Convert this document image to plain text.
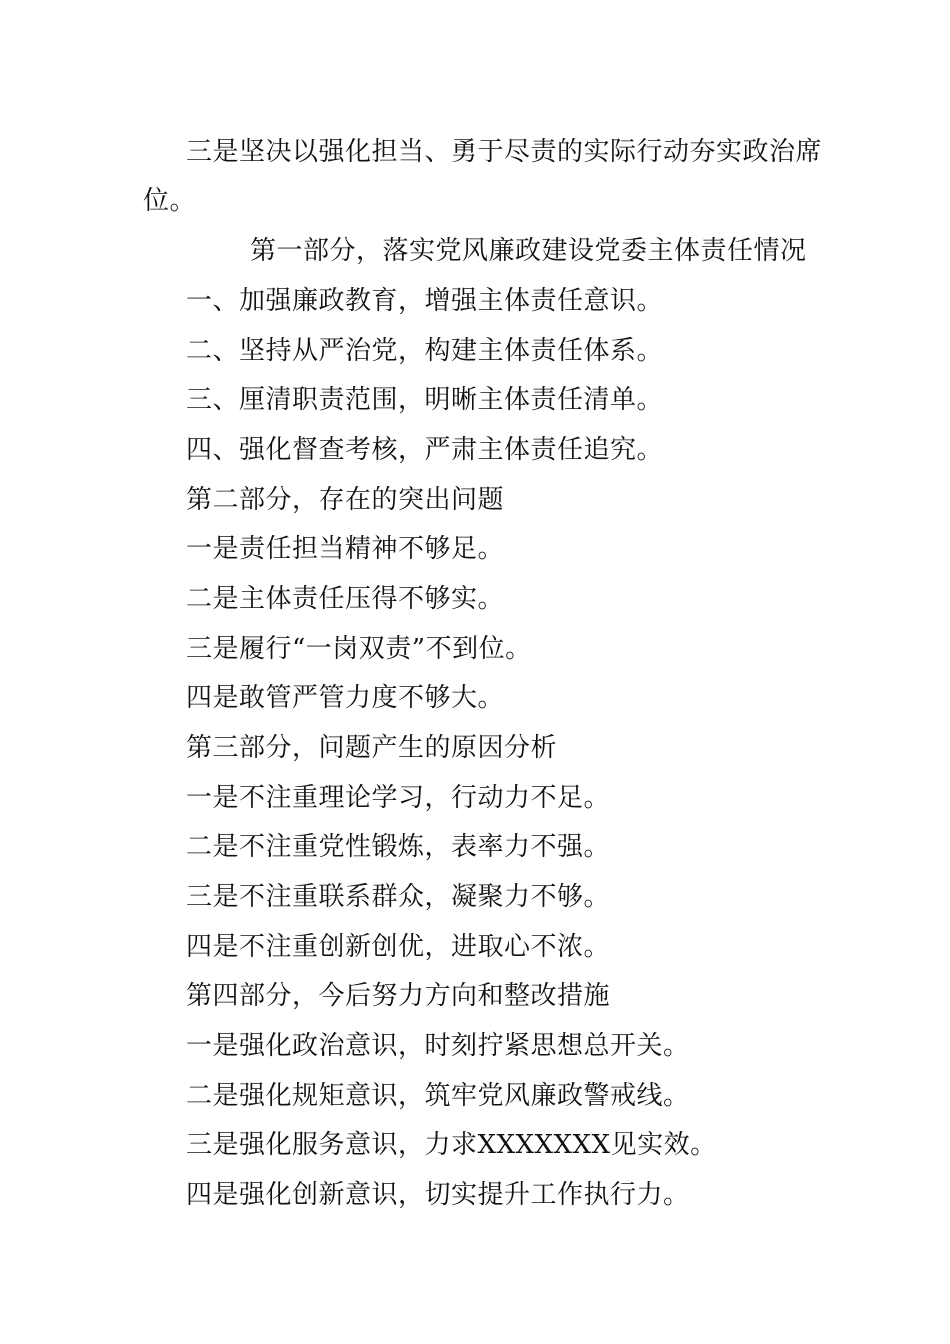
三是坚决以强化担当、勇于尽责的实际行动夯实政治席
位。
第一部分，落实党风廉政建设党委主体责任情况
一、加强廉政教育，增强主体责任意识。
二、坚持从严治党，构建主体责任体系。
三、厘清职责范围，明晰主体责任清单。
四、强化督查考核，严肃主体责任追究。
第二部分，存在的突出问题
一是责任担当精神不够足。
二是主体责任压得不够实。
三是履行“一岗双责”不到位。
四是敢管严管力度不够大。
第三部分，问题产生的原因分析
一是不注重理论学习，行动力不足。
二是不注重党性锻炼，表率力不强。
三是不注重联系群众，凝聚力不够。
四是不注重创新创优，进取心不浓。
第四部分，今后努力方向和整改措施
一是强化政治意识，时刻拧紧思想总开关。
二是强化规矩意识，筑牢党风廉政警戒线。
三是强化服务意识，力求XXXXXXX见实效。
四是强化创新意识，切实提升工作执行力。
